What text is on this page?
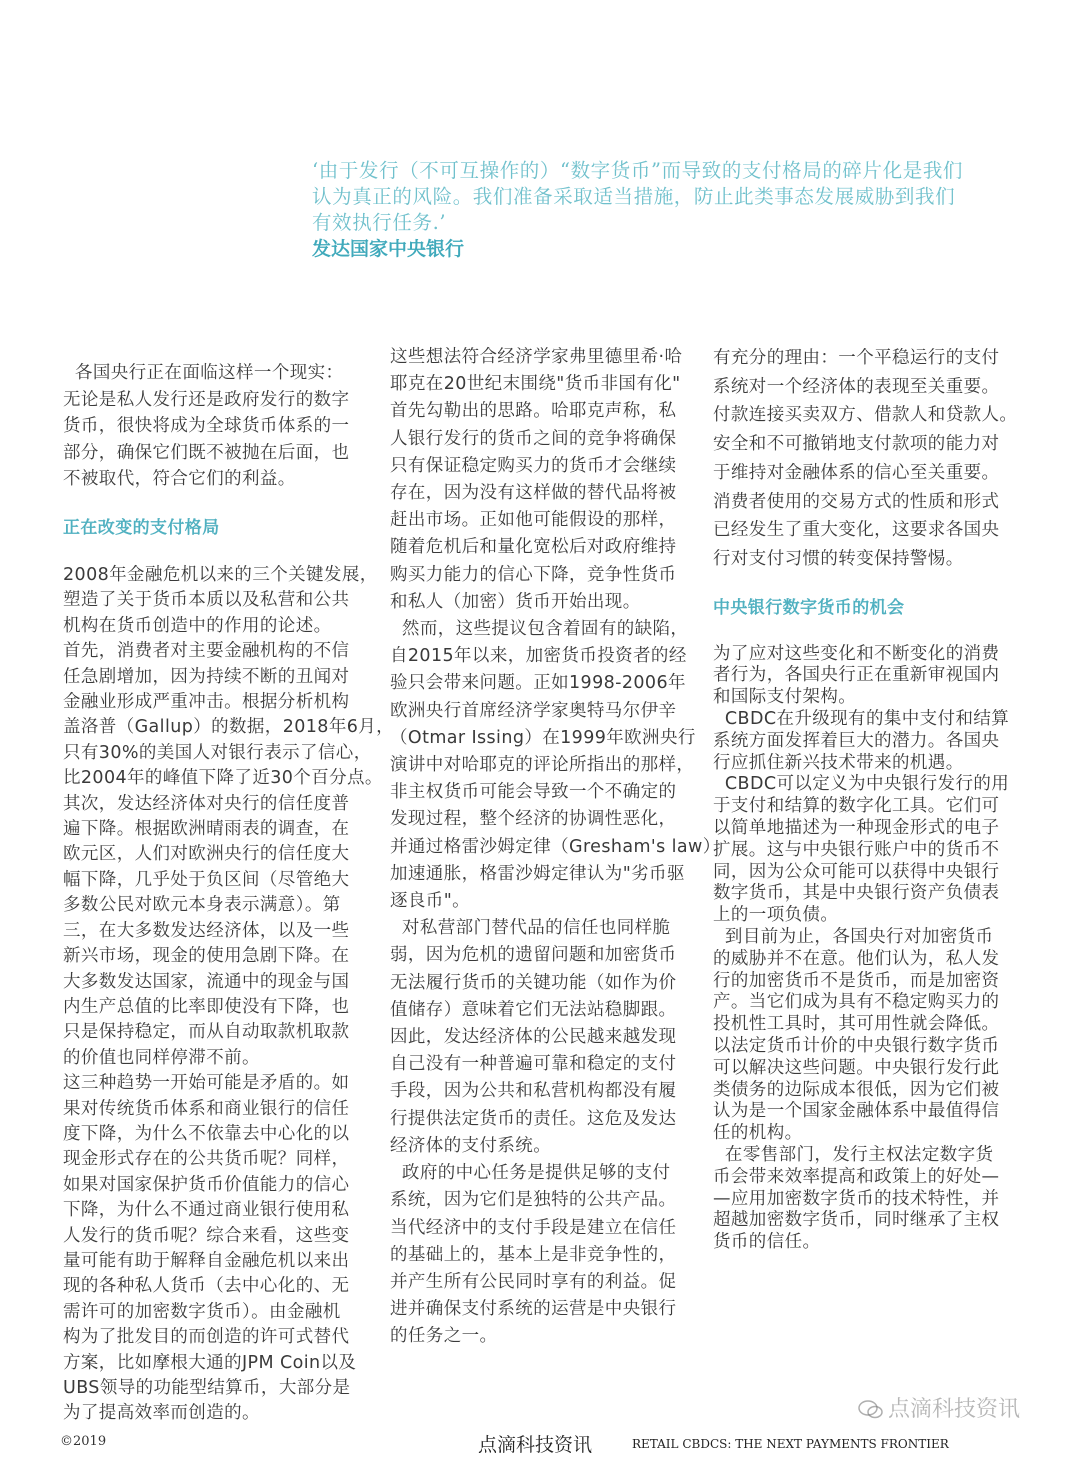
‘由于发行（不可互操作的）“数字货币”而导致的支付格局的碎片化是我们
认为真正的风险。我们准备采取适当措施，防止此类事态发展威胁到我们
有效执行任务.’
发达国家中央银行
各国央行正在面临这样一个现实：
无论是私人发行还是政府发行的数字
货币，很快将成为全球货币体系的一
部分，确保它们既不被抛在后面，也
不被取代，符合它们的利益。
正在改变的支付格局
2008年金融危机以来的三个关键发展，
塑造了关于货币本质以及私营和公共
机构在货币创造中的作用的论述。
首先，消费者对主要金融机构的不信
任急剧增加，因为持续不断的丑闻对
金融业形成严重冲击。根据分析机构
盖洛普（Gallup）的数据，2018年6月，
只有30%的美国人对银行表示了信心，
比2004年的峰值下降了近30个百分点。
其次，发达经济体对央行的信任度普
遍下降。根据欧洲晴雨表的调查，在
欧元区，人们对欧洲央行的信任度大
幅下降，几乎处于负区间（尽管绝大
多数公民对欧元本身表示满意）。第
三，在大多数发达经济体，以及一些
新兴市场，现金的使用急剧下降。在
大多数发达国家，流通中的现金与国
内生产总值的比率即使没有下降，也
只是保持稳定，而从自动取款机取款
的价值也同样停滞不前。
这三种趋势一开始可能是矛盾的。如
果对传统货币体系和商业银行的信任
度下降，为什么不依靠去中心化的以
现金形式存在的公共货币呢？同样，
如果对国家保护货币价值能力的信心
下降，为什么不通过商业银行使用私
人发行的货币呢？综合来看，这些变
量可能有助于解释自金融危机以来出
现的各种私人货币（去中心化的、无
需许可的加密数字货币）。由金融机
构为了批发目的而创造的许可式替代
方案，比如摩根大通的JPM Coin以及
UBS领导的功能型结算币，大部分是
为了提高效率而创造的。
这些想法符合经济学家弗里德里希·哈
耶克在20世纪末围绕"货币非国有化"
首先勾勒出的思路。哈耶克声称，私
人银行发行的货币之间的竞争将确保
只有保证稳定购买力的货币才会继续
存在，因为没有这样做的替代品将被
赶出市场。正如他可能假设的那样，
随着危机后和量化宽松后对政府维持
购买力能力的信心下降，竞争性货币
和私人（加密）货币开始出现。
然而，这些提议包含着固有的缺陷，
自2015年以来，加密货币投资者的经
验只会带来问题。正如1998-2006年
欧洲央行首席经济学家奥特马尔伊辛
（Otmar Issing）在1999年欧洲央行
演讲中对哈耶克的评论所指出的那样，
非主权货币可能会导致一个不确定的
发现过程，整个经济的协调性恶化，
并通过格雷沙姆定律（Gresham's law）
加速通胀，格雷沙姆定律认为"劣币驱
逐良币"。
对私营部门替代品的信任也同样脆
弱，因为危机的遗留问题和加密货币
无法履行货币的关键功能（如作为价
值储存）意味着它们无法站稳脚跟。
因此，发达经济体的公民越来越发现
自己没有一种普遍可靠和稳定的支付
手段，因为公共和私营机构都没有履
行提供法定货币的责任。这危及发达
经济体的支付系统。
政府的中心任务是提供足够的支付
系统，因为它们是独特的公共产品。
当代经济中的支付手段是建立在信任
的基础上的，基本上是非竞争性的，
并产生所有公民同时享有的利益。促
进并确保支付系统的运营是中央银行
的任务之一。
有充分的理由：一个平稳运行的支付
系统对一个经济体的表现至关重要。
付款连接买卖双方、借款人和贷款人。
安全和不可撤销地支付款项的能力对
于维持对金融体系的信心至关重要。
消费者使用的交易方式的性质和形式
已经发生了重大变化，这要求各国央
行对支付习惯的转变保持警惕。
中央银行数字货币的机会
为了应对这些变化和不断变化的消费
者行为，各国央行正在重新审视国内
和国际支付架构。
CBDC在升级现有的集中支付和结算
系统方面发挥着巨大的潜力。各国央
行应抓住新兴技术带来的机遇。
CBDC可以定义为中央银行发行的用
于支付和结算的数字化工具。它们可
以简单地描述为一种现金形式的电子
扩展。这与中央银行账户中的货币不
同，因为公众可能可以获得中央银行
数字货币，其是中央银行资产负债表
上的一项负债。
到目前为止，各国央行对加密货币
的威胁并不在意。他们认为，私人发
行的加密货币不是货币，而是加密资
产。当它们成为具有不稳定购买力的
投机性工具时，其可用性就会降低。
以法定货币计价的中央银行数字货币
可以解决这些问题。中央银行发行此
类债务的边际成本很低，因为它们被
认为是一个国家金融体系中最值得信
任的机构。
在零售部门，发行主权法定数字货
币会带来效率提高和政策上的好处—
—应用加密数字货币的技术特性，并
超越加密数字货币，同时继承了主权
货币的信任。
©2019	点滴科技资讯	RETAIL CBDCS: THE NEXT PAYMENTS FRONTIER
点滴科技资讯
